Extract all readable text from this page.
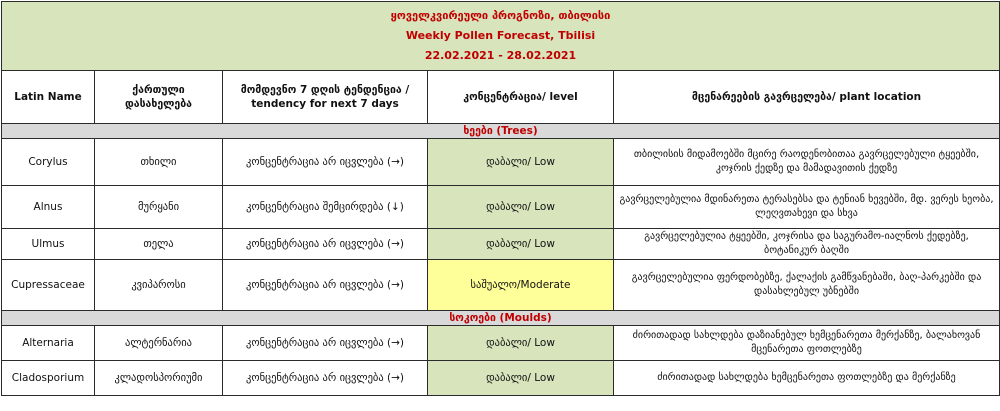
ყოველკვირეული პროგნოზი, თბილისი
Weekly Pollen Forecast, Tbilisi
22.02.2021 - 28.02.2021				

Latin Name	ქართული დასახელება	მომდევნო 7 დღის ტენდენცია / tendency for next 7 days	კონცენტრაცია/ level	მცენარეების გავრცელება/ plant location
ხეები (Trees)				
Corylus	თხილი	კონცენტრაცია არ იცვლება (→)	დაბალი/ Low	თბილისის მიდამოებში მცირე რაოდენობითაა გავრცელებული ტყეებში, კოჯრის ქედზე და მამადავითის ქედზე
Alnus	მურყანი	კონცენტრაცია შემცირდება (↓)	დაბალი/ Low	გავრცელებულია მდინარეთა ტერასებსა და ტენიან ხევებში, მდ. ვერეს ხეობა, ლეღვთახევი და სხვა
Ulmus	თელა	კონცენტრაცია არ იცვლება (→)	დაბალი/ Low	გავრცელებულია ტყეებში, კოჯრისა და საგურამო-იალნოს ქედებზე, ბოტანიკურ ბაღში
Cupressaceae	კვიპაროსი	კონცენტრაცია არ იცვლება (→)	საშუალო/Moderate	გავრცელებულია ფერდობებზე, ქალაქის გამწვანებაში, ბაღ-პარკებში და დასახლებულ უბნებში
სოკოები (Moulds)				
Alternaria	ალტერნარია	კონცენტრაცია არ იცვლება (→)	დაბალი/ Low	ძირითადად სახლდება დაზიანებულ ხემცენარეთა მერქანზე, ბალახოვან მცენარეთა ფოთლებზე
Cladosporium	კლადოსპორიუმი	კონცენტრაცია არ იცვლება (→)	დაბალი/ Low	ძირითადად სახლდება ხემცენარეთა ფოთლებზე და მერქანზე
